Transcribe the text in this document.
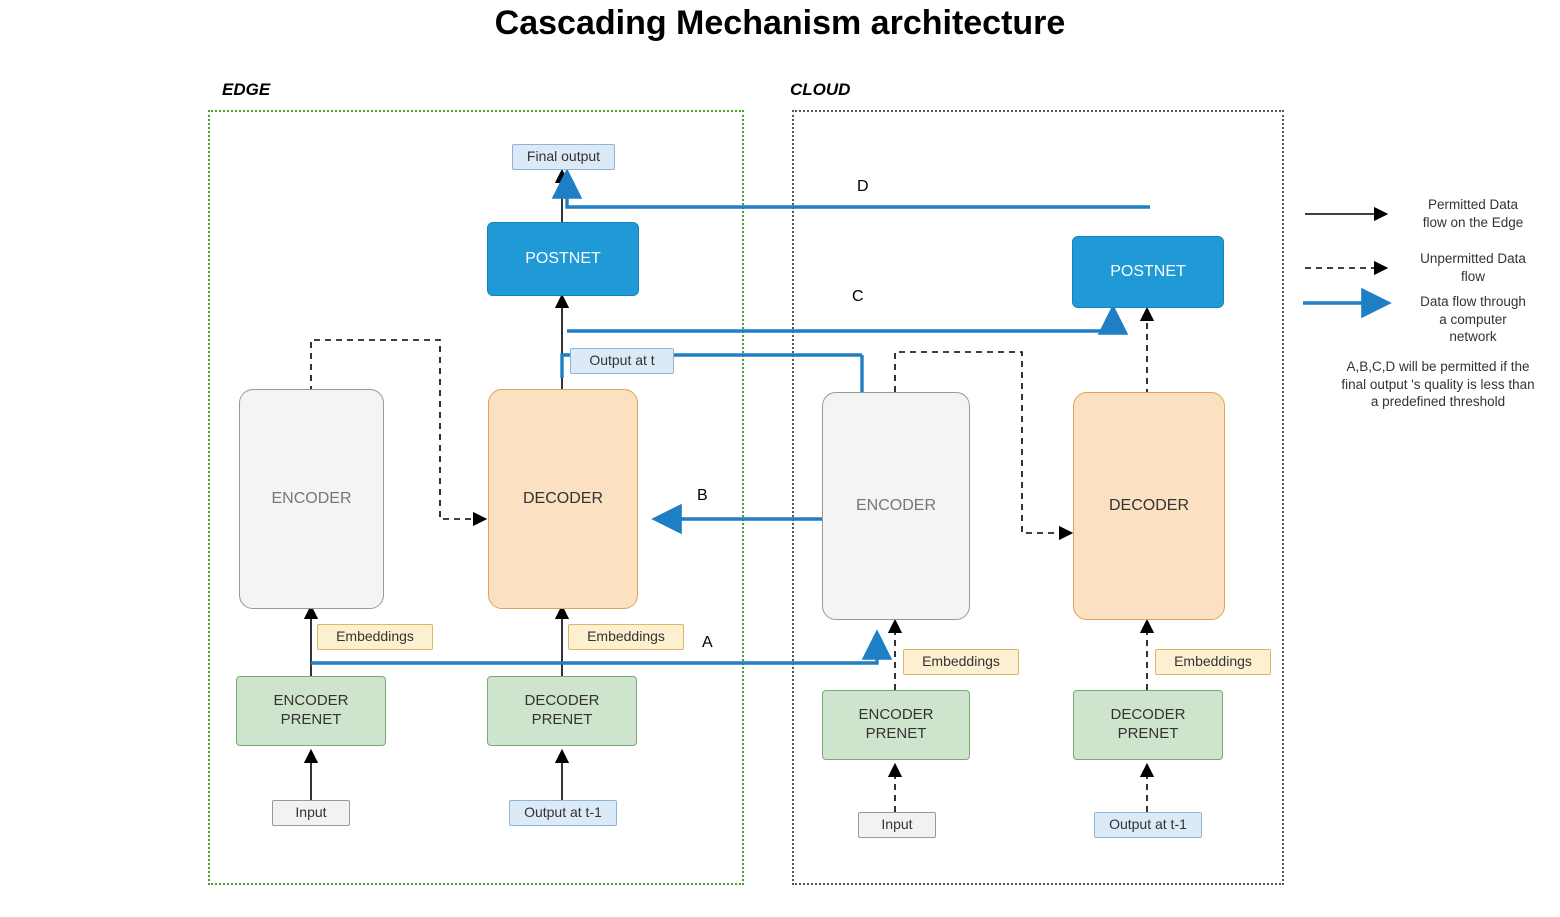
Cascading Mechanism architecture
EDGE	CLOUD
Final output
POSTNET
Output at t
ENCODER	DECODER
Embeddings	Embeddings
ENCODER
PRENET
DECODER
PRENET
Input	Output at t-1
POSTNET
ENCODER	DECODER
Embeddings	Embeddings
ENCODER
PRENET
DECODER
PRENET
Input	Output at t-1
A
B
C
D
Permitted Data
flow on the Edge
Unpermitted Data
flow
Data flow through
a computer
network
A,B,C,D will be permitted if the
final output 's quality is less than
a predefined threshold
